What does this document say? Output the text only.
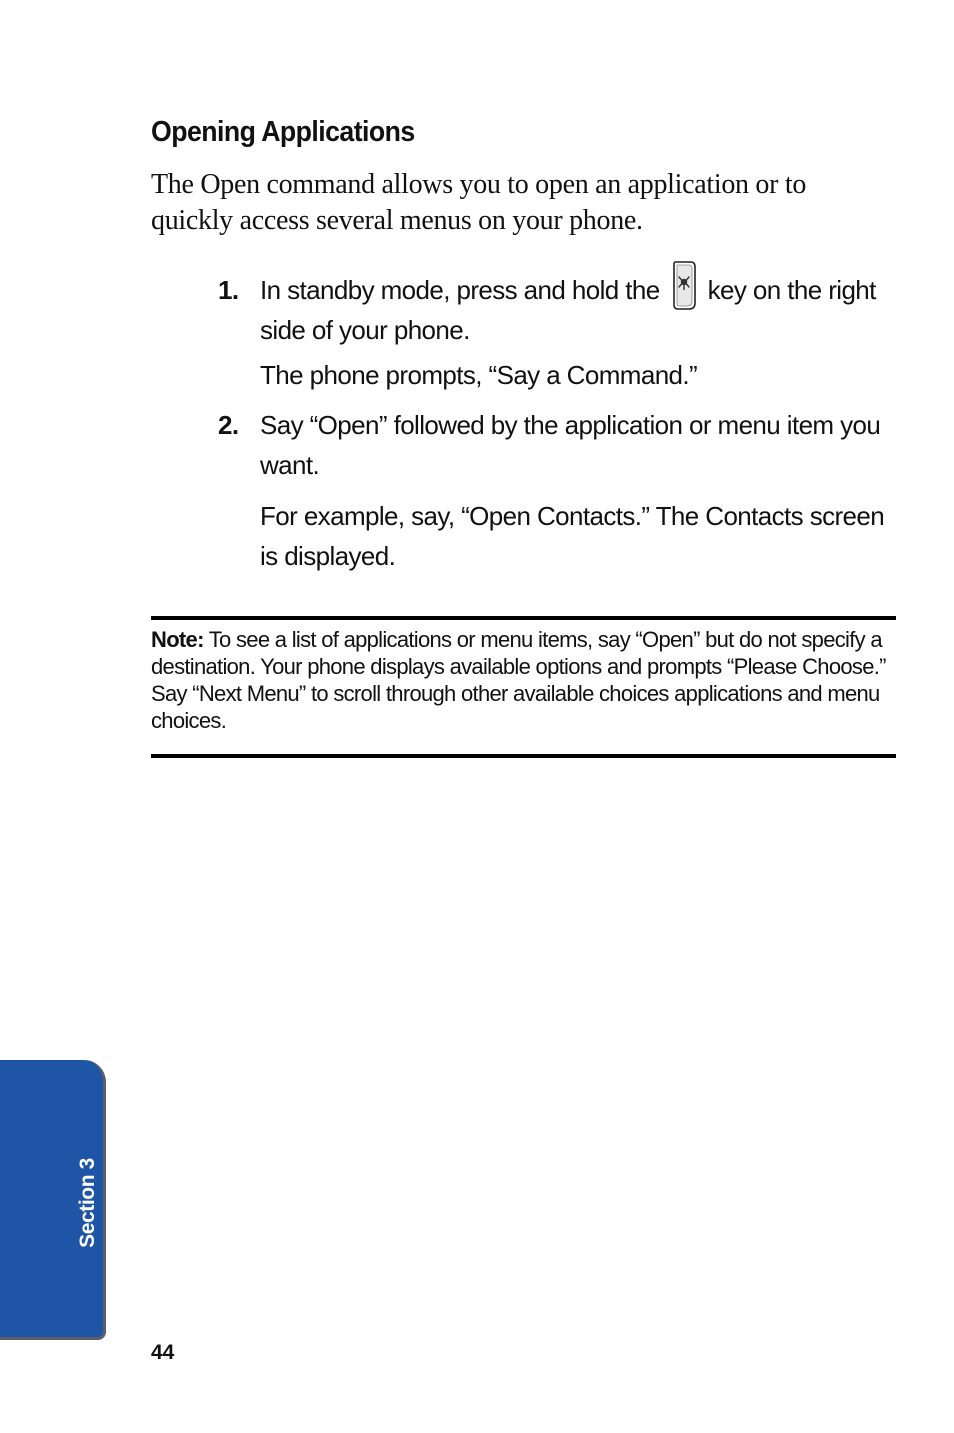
Opening Applications

The Open command allows you to open an application or to quickly access several menus on your phone.

1. In standby mode, press and hold the key on the right side of your phone.
The phone prompts, “Say a Command.”
2. Say “Open” followed by the application or menu item you want.
For example, say, “Open Contacts.” The Contacts screen is displayed.

Note: To see a list of applications or menu items, say “Open” but do not specify a destination. Your phone displays available options and prompts “Please Choose.” Say “Next Menu” to scroll through other available choices applications and menu choices.

Section 3
44
